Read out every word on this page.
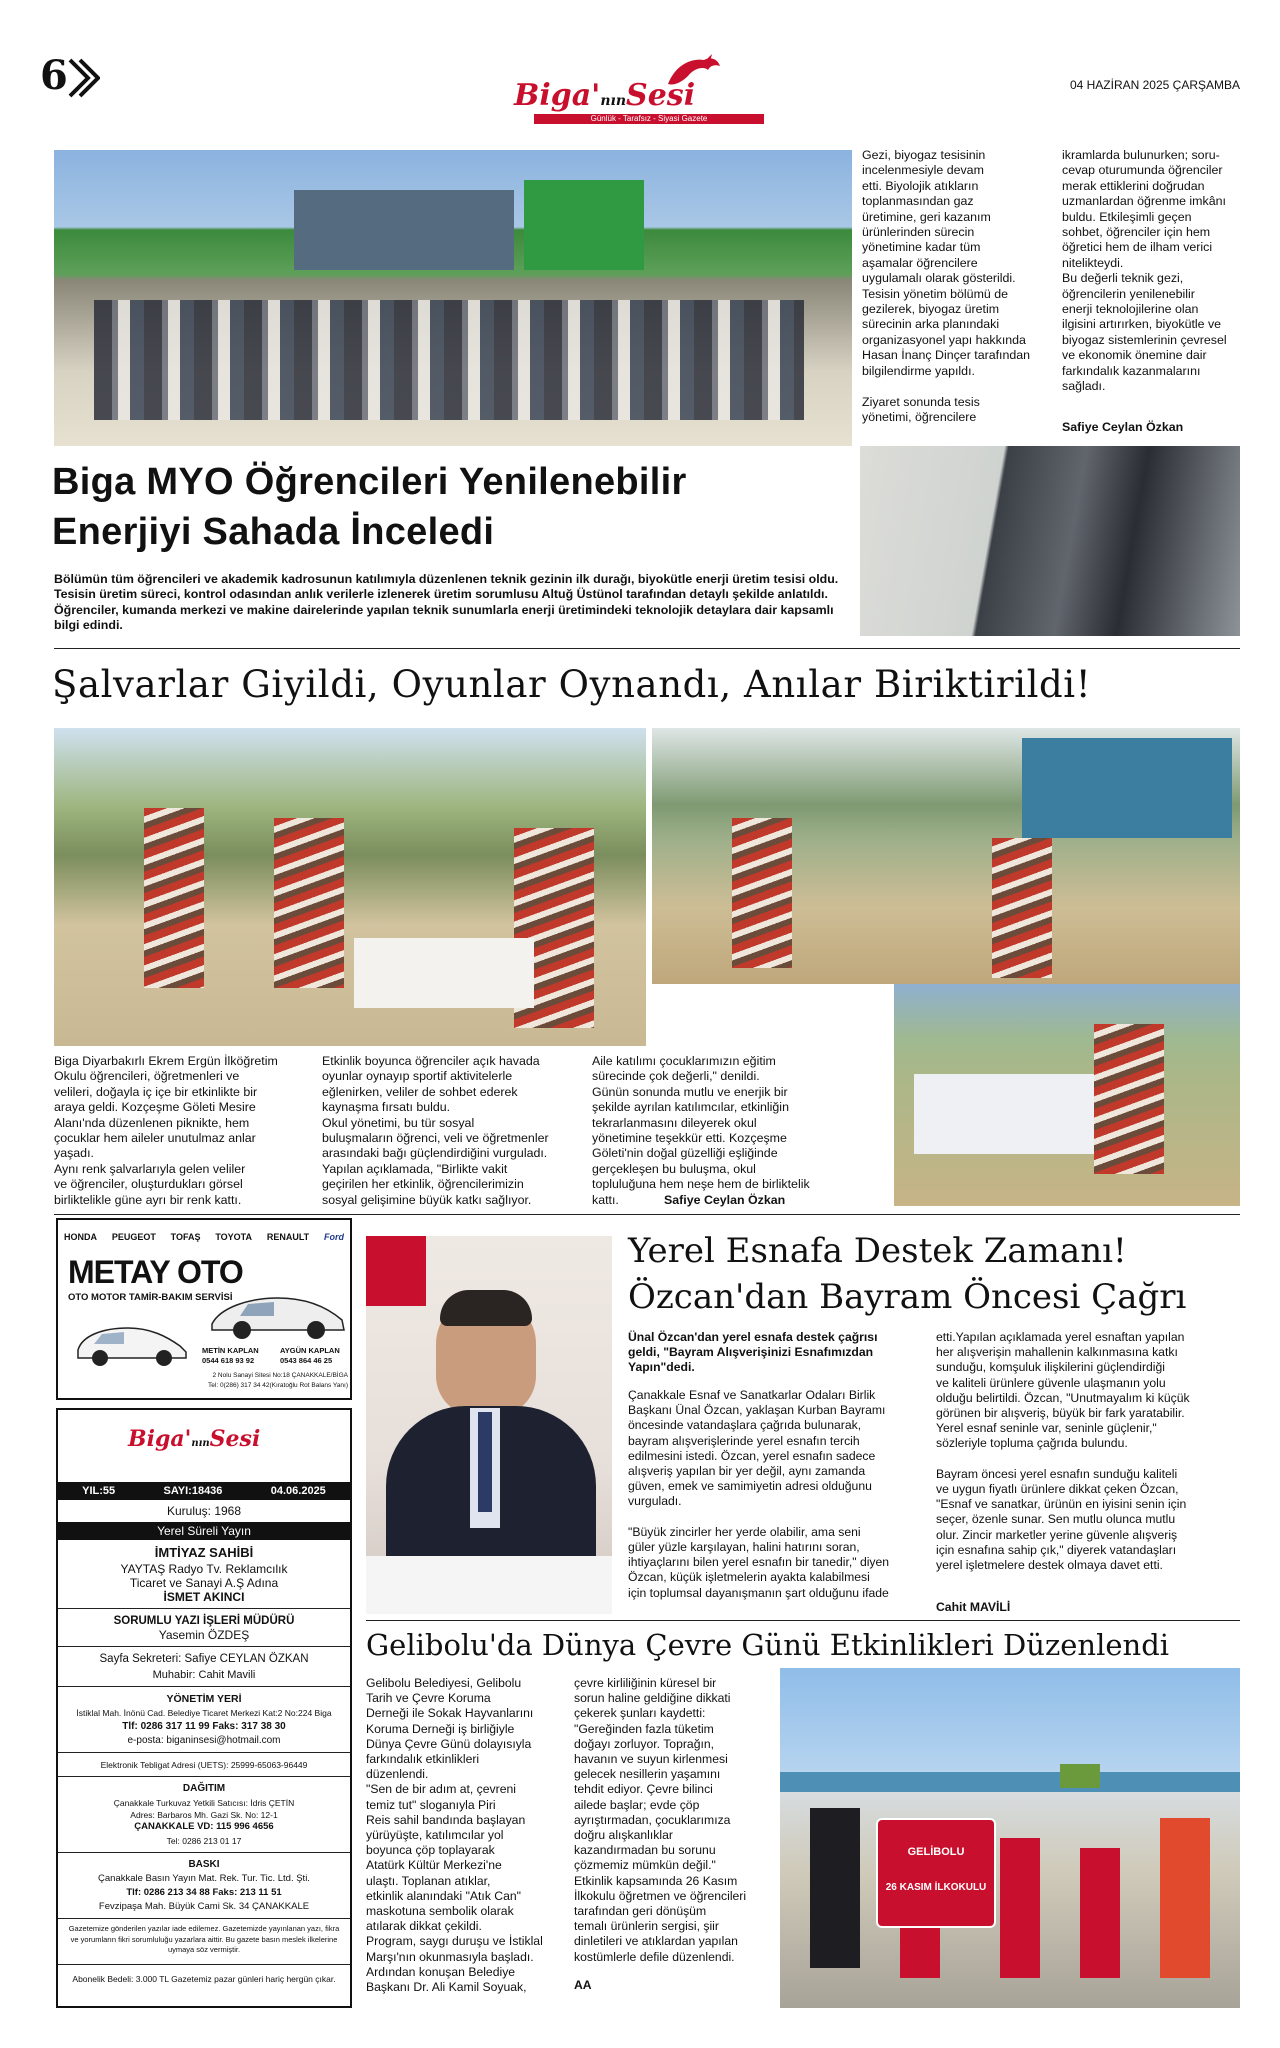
6	Biga'nınSesi
Günlük - Tarafsız - Siyasi Gazete
04 HAZİRAN 2025 ÇARŞAMBA
Gezi, biyogaz tesisinin
incelenmesiyle devam
etti. Biyolojik atıkların
toplanmasından gaz
üretimine, geri kazanım
ürünlerinden sürecin
yönetimine kadar tüm
aşamalar öğrencilere
uygulamalı olarak gösterildi.
Tesisin yönetim bölümü de
gezilerek, biyogaz üretim
sürecinin arka planındaki
organizasyonel yapı hakkında
Hasan İnanç Dinçer tarafından
bilgilendirme yapıldı.

Ziyaret sonunda tesis
yönetimi, öğrencilere
ikramlarda bulunurken; soru-
cevap oturumunda öğrenciler
merak ettiklerini doğrudan
uzmanlardan öğrenme imkânı
buldu. Etkileşimli geçen
sohbet, öğrenciler için hem
öğretici hem de ilham verici
nitelikteydi.
Bu değerli teknik gezi,
öğrencilerin yenilenebilir
enerji teknolojilerine olan
ilgisini artırırken, biyokütle ve
biyogaz sistemlerinin çevresel
ve ekonomik önemine dair
farkındalık kazanmalarını
sağladı.
Safiye Ceylan Özkan
Biga MYO Öğrencileri Yenilenebilir
Enerjiyi Sahada İnceledi
Bölümün tüm öğrencileri ve akademik kadrosunun katılımıyla düzenlenen teknik gezinin ilk durağı, biyokütle enerji üretim tesisi oldu. Tesisin üretim süreci, kontrol odasından anlık verilerle izlenerek üretim sorumlusu Altuğ Üstünol tarafından detaylı şekilde anlatıldı. Öğrenciler, kumanda merkezi ve makine dairelerinde yapılan teknik sunumlarla enerji üretimindeki teknolojik detaylara dair kapsamlı bilgi edindi.
Şalvarlar Giyildi, Oyunlar Oynandı, Anılar Biriktirildi!
Biga Diyarbakırlı Ekrem Ergün İlköğretim
Okulu öğrencileri, öğretmenleri ve
velileri, doğayla iç içe bir etkinlikte bir
araya geldi. Kozçeşme Göleti Mesire
Alanı'nda düzenlenen piknikte, hem
çocuklar hem aileler unutulmaz anlar
yaşadı.
Aynı renk şalvarlarıyla gelen veliler
ve öğrenciler, oluşturdukları görsel
birliktelikle güne ayrı bir renk kattı.
Etkinlik boyunca öğrenciler açık havada
oyunlar oynayıp sportif aktivitelerle
eğlenirken, veliler de sohbet ederek
kaynaşma fırsatı buldu.
Okul yönetimi, bu tür sosyal
buluşmaların öğrenci, veli ve öğretmenler
arasındaki bağı güçlendirdiğini vurguladı.
Yapılan açıklamada, "Birlikte vakit
geçirilen her etkinlik, öğrencilerimizin
sosyal gelişimine büyük katkı sağlıyor.
Aile katılımı çocuklarımızın eğitim
sürecinde çok değerli," denildi.
Günün sonunda mutlu ve enerjik bir
şekilde ayrılan katılımcılar, etkinliğin
tekrarlanmasını dileyerek okul
yönetimine teşekkür etti. Kozçeşme
Göleti'nin doğal güzelliği eşliğinde
gerçekleşen bu buluşma, okul
topluluğuna hem neşe hem de birliktelik
kattı.	Safiye Ceylan Özkan
HONDA PEUGEOT TOFAŞ TOYOTA RENAULT Ford
METAY OTO
OTO MOTOR TAMİR-BAKIM SERVİSİ
METİN KAPLAN
0544 618 93 92
AYGÜN KAPLAN
0543 864 46 25
2 Nolu Sanayi Sitesi No:18 ÇANAKKALE/BİGA
Tel: 0(286) 317 34 42(Kıratoğlu Rot Balans Yanı)
Biga'nınSesi
YIL:55	SAYI:18436	04.06.2025
Kuruluş: 1968
Yerel Süreli Yayın
İMTİYAZ SAHİBİ
YAYTAŞ Radyo Tv. Reklamcılık
Ticaret ve Sanayi A.Ş Adına
İSMET AKINCI
SORUMLU YAZI İŞLERİ MÜDÜRÜ
Yasemin ÖZDEŞ
Sayfa Sekreteri: Safiye CEYLAN ÖZKAN
Muhabir: Cahit Mavili
YÖNETİM YERİ
İstiklal Mah. İnönü Cad. Belediye Ticaret Merkezi Kat:2 No:224 Biga
Tlf: 0286 317 11 99 Faks: 317 38 30
e-posta: biganinsesi@hotmail.com
Elektronik Tebligat Adresi (UETS): 25999-65063-96449
DAĞITIM
Çanakkale Turkuvaz Yetkili Satıcısı: İdris ÇETİN
Adres: Barbaros Mh. Gazi Sk. No: 12-1
ÇANAKKALE VD: 115 996 4656
Tel: 0286 213 01 17
BASKI
Çanakkale Basın Yayın Mat. Rek. Tur. Tic. Ltd. Şti.
Tlf: 0286 213 34 88 Faks: 213 11 51
Fevzipaşa Mah. Büyük Cami Sk. 34 ÇANAKKALE
Gazetemize gönderilen yazılar iade edilemez. Gazetemizde yayınlanan yazı, fikra ve yorumların fikri sorumluluğu yazarlara aittir. Bu gazete basın meslek ilkelerine uymaya söz vermiştir.
Abonelik Bedeli: 3.000 TL Gazetemiz pazar günleri hariç hergün çıkar.
Yerel Esnafa Destek Zamanı!
Özcan'dan Bayram Öncesi Çağrı
Ünal Özcan'dan yerel esnafa destek çağrısı
geldi, "Bayram Alışverişinizi Esnafımızdan
Yapın"dedi.
Çanakkale Esnaf ve Sanatkarlar Odaları Birlik
Başkanı Ünal Özcan, yaklaşan Kurban Bayramı
öncesinde vatandaşlara çağrıda bulunarak,
bayram alışverişlerinde yerel esnafın tercih
edilmesini istedi. Özcan, yerel esnafın sadece
alışveriş yapılan bir yer değil, aynı zamanda
güven, emek ve samimiyetin adresi olduğunu
vurguladı.

"Büyük zincirler her yerde olabilir, ama seni
güler yüzle karşılayan, halini hatırını soran,
ihtiyaçlarını bilen yerel esnafın bir tanedir," diyen
Özcan, küçük işletmelerin ayakta kalabilmesi
için toplumsal dayanışmanın şart olduğunu ifade
etti.Yapılan açıklamada yerel esnaftan yapılan
her alışverişin mahallenin kalkınmasına katkı
sunduğu, komşuluk ilişkilerini güçlendirdiği
ve kaliteli ürünlere güvenle ulaşmanın yolu
olduğu belirtildi. Özcan, "Unutmayalım ki küçük
görünen bir alışveriş, büyük bir fark yaratabilir.
Yerel esnaf seninle var, seninle güçlenir,"
sözleriyle topluma çağrıda bulundu.

Bayram öncesi yerel esnafın sunduğu kaliteli
ve uygun fiyatlı ürünlere dikkat çeken Özcan,
"Esnaf ve sanatkar, ürünün en iyisini senin için
seçer, özenle sunar. Sen mutlu olunca mutlu
olur. Zincir marketler yerine güvenle alışveriş
için esnafına sahip çık," diyerek vatandaşları
yerel işletmelere destek olmaya davet etti.
Cahit MAVİLİ
Gelibolu'da Dünya Çevre Günü Etkinlikleri Düzenlendi
Gelibolu Belediyesi, Gelibolu
Tarih ve Çevre Koruma
Derneği ile Sokak Hayvanlarını
Koruma Derneği iş birliğiyle
Dünya Çevre Günü dolayısıyla
farkındalık etkinlikleri
düzenlendi.
"Sen de bir adım at, çevreni
temiz tut" sloganıyla Piri
Reis sahil bandında başlayan
yürüyüşte, katılımcılar yol
boyunca çöp toplayarak
Atatürk Kültür Merkezi'ne
ulaştı. Toplanan atıklar,
etkinlik alanındaki "Atık Can"
maskotuna sembolik olarak
atılarak dikkat çekildi.
Program, saygı duruşu ve İstiklal
Marşı'nın okunmasıyla başladı.
Ardından konuşan Belediye
Başkanı Dr. Ali Kamil Soyuak,
çevre kirliliğinin küresel bir
sorun haline geldiğine dikkati
çekerek şunları kaydetti:
"Gereğinden fazla tüketim
doğayı zorluyor. Toprağın,
havanın ve suyun kirlenmesi
gelecek nesillerin yaşamını
tehdit ediyor. Çevre bilinci
ailede başlar; evde çöp
ayrıştırmadan, çocuklarımıza
doğru alışkanlıklar
kazandırmadan bu sorunu
çözmemiz mümkün değil."
Etkinlik kapsamında 26 Kasım
İlkokulu öğretmen ve öğrencileri
tarafından geri dönüşüm
temalı ürünlerin sergisi, şiir
dinletileri ve atıklardan yapılan
kostümlerle defile düzenlendi.
AA
GELİBOLU
26 KASIM İLKOKULU
